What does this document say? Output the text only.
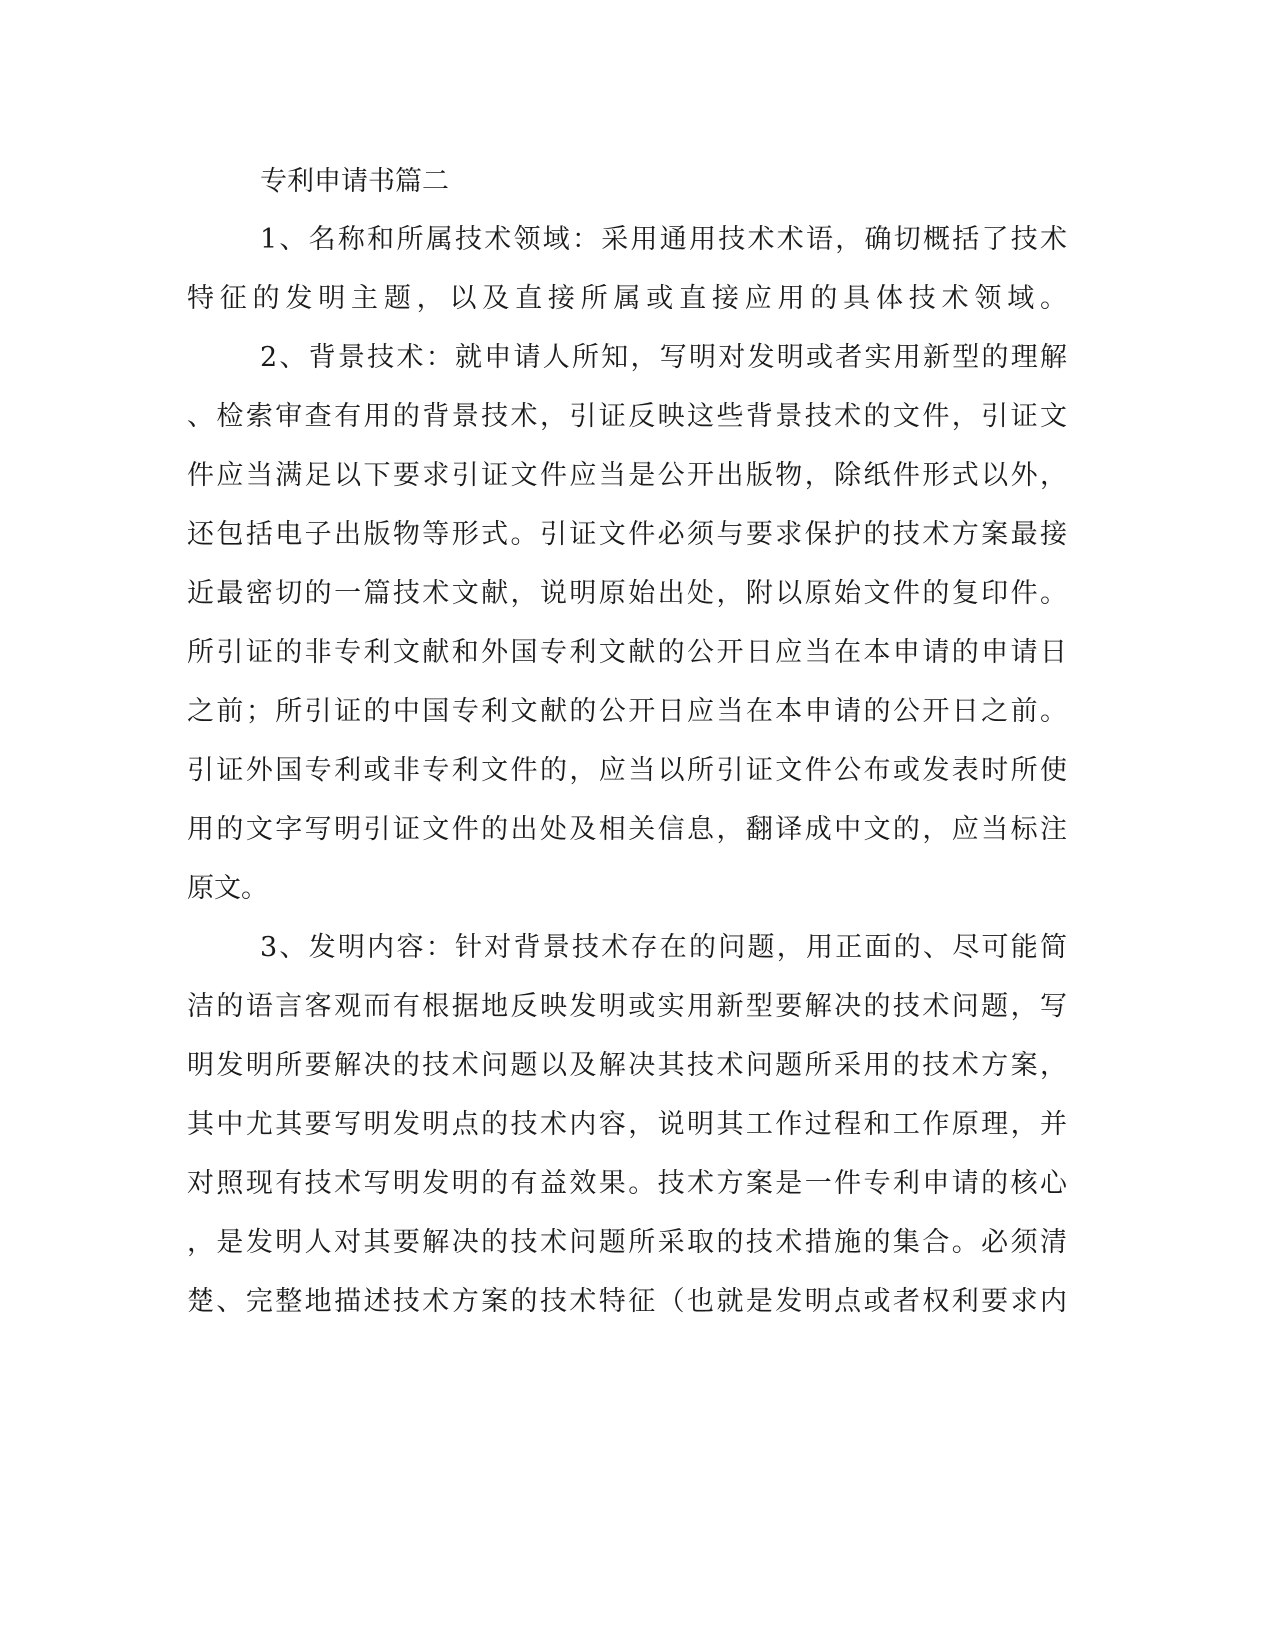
专利申请书篇二

1、名称和所属技术领域：采用通用技术术语，确切概括了技术

特征的发明主题，以及直接所属或直接应用的具体技术领域。

2、背景技术：就申请人所知，写明对发明或者实用新型的理解

、检索审查有用的背景技术，引证反映这些背景技术的文件，引证文

件应当满足以下要求引证文件应当是公开出版物，除纸件形式以外，

还包括电子出版物等形式。引证文件必须与要求保护的技术方案最接

近最密切的一篇技术文献，说明原始出处，附以原始文件的复印件。

所引证的非专利文献和外国专利文献的公开日应当在本申请的申请日

之前；所引证的中国专利文献的公开日应当在本申请的公开日之前。

引证外国专利或非专利文件的，应当以所引证文件公布或发表时所使

用的文字写明引证文件的出处及相关信息，翻译成中文的，应当标注

原文。

3、发明内容：针对背景技术存在的问题，用正面的、尽可能简

洁的语言客观而有根据地反映发明或实用新型要解决的技术问题，写

明发明所要解决的技术问题以及解决其技术问题所采用的技术方案，

其中尤其要写明发明点的技术内容，说明其工作过程和工作原理，并

对照现有技术写明发明的有益效果。技术方案是一件专利申请的核心

，是发明人对其要解决的技术问题所采取的技术措施的集合。必须清

楚、完整地描述技术方案的技术特征（也就是发明点或者权利要求内
